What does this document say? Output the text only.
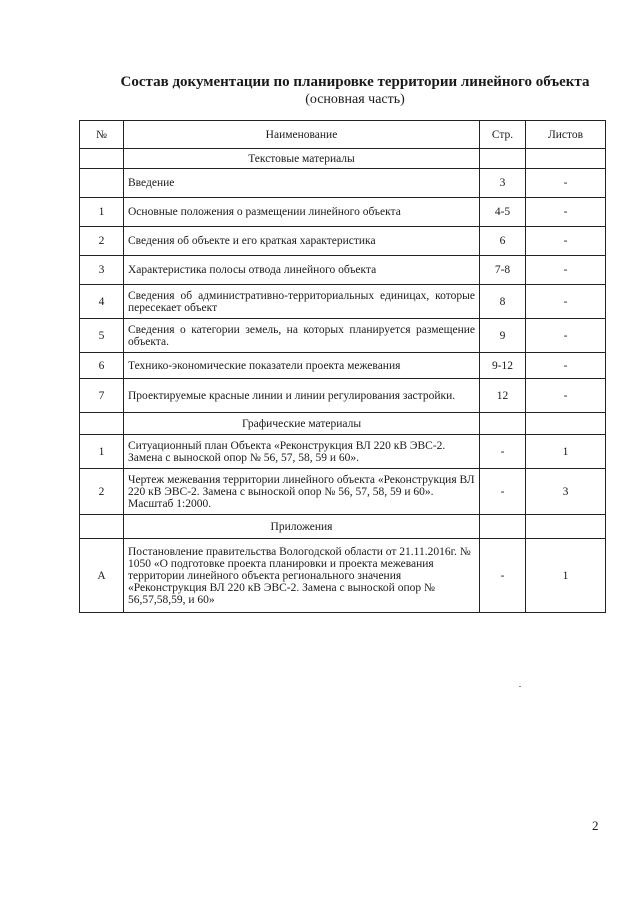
Состав документации по планировке территории линейного объекта
(основная часть)
№	Наименование	Стр.	Листов
	Текстовые материалы		
	Введение	3	-
1	Основные положения о размещении линейного объекта	4-5	-
2	Сведения об объекте и его краткая характеристика	6	-
3	Характеристика полосы отвода линейного объекта	7-8	-
4	Сведения об административно-территориальных единицах, которые пересекает объект	8	-
5	Сведения о категории земель, на которых планируется размещение объекта.	9	-
6	Технико-экономические показатели проекта межевания	9-12	-
7	Проектируемые красные линии и линии регулирования застройки.	12	-
	Графические материалы		
1	Ситуационный план Объекта «Реконструкция ВЛ 220 кВ ЭВС-2. Замена с выноской опор № 56, 57, 58, 59 и 60».	-	1
2	Чертеж межевания территории линейного объекта «Реконструкция ВЛ 220 кВ ЭВС-2. Замена с выноской опор № 56, 57, 58, 59 и 60». Масштаб 1:2000.	-	3
	Приложения		
А	Постановление правительства Вологодской области от 21.11.2016г. № 1050 «О подготовке проекта планировки и проекта межевания территории линейного объекта регионального значения «Реконструкция ВЛ 220 кВ ЭВС-2. Замена с выноской опор № 56,57,58,59, и 60»	-	1
2
